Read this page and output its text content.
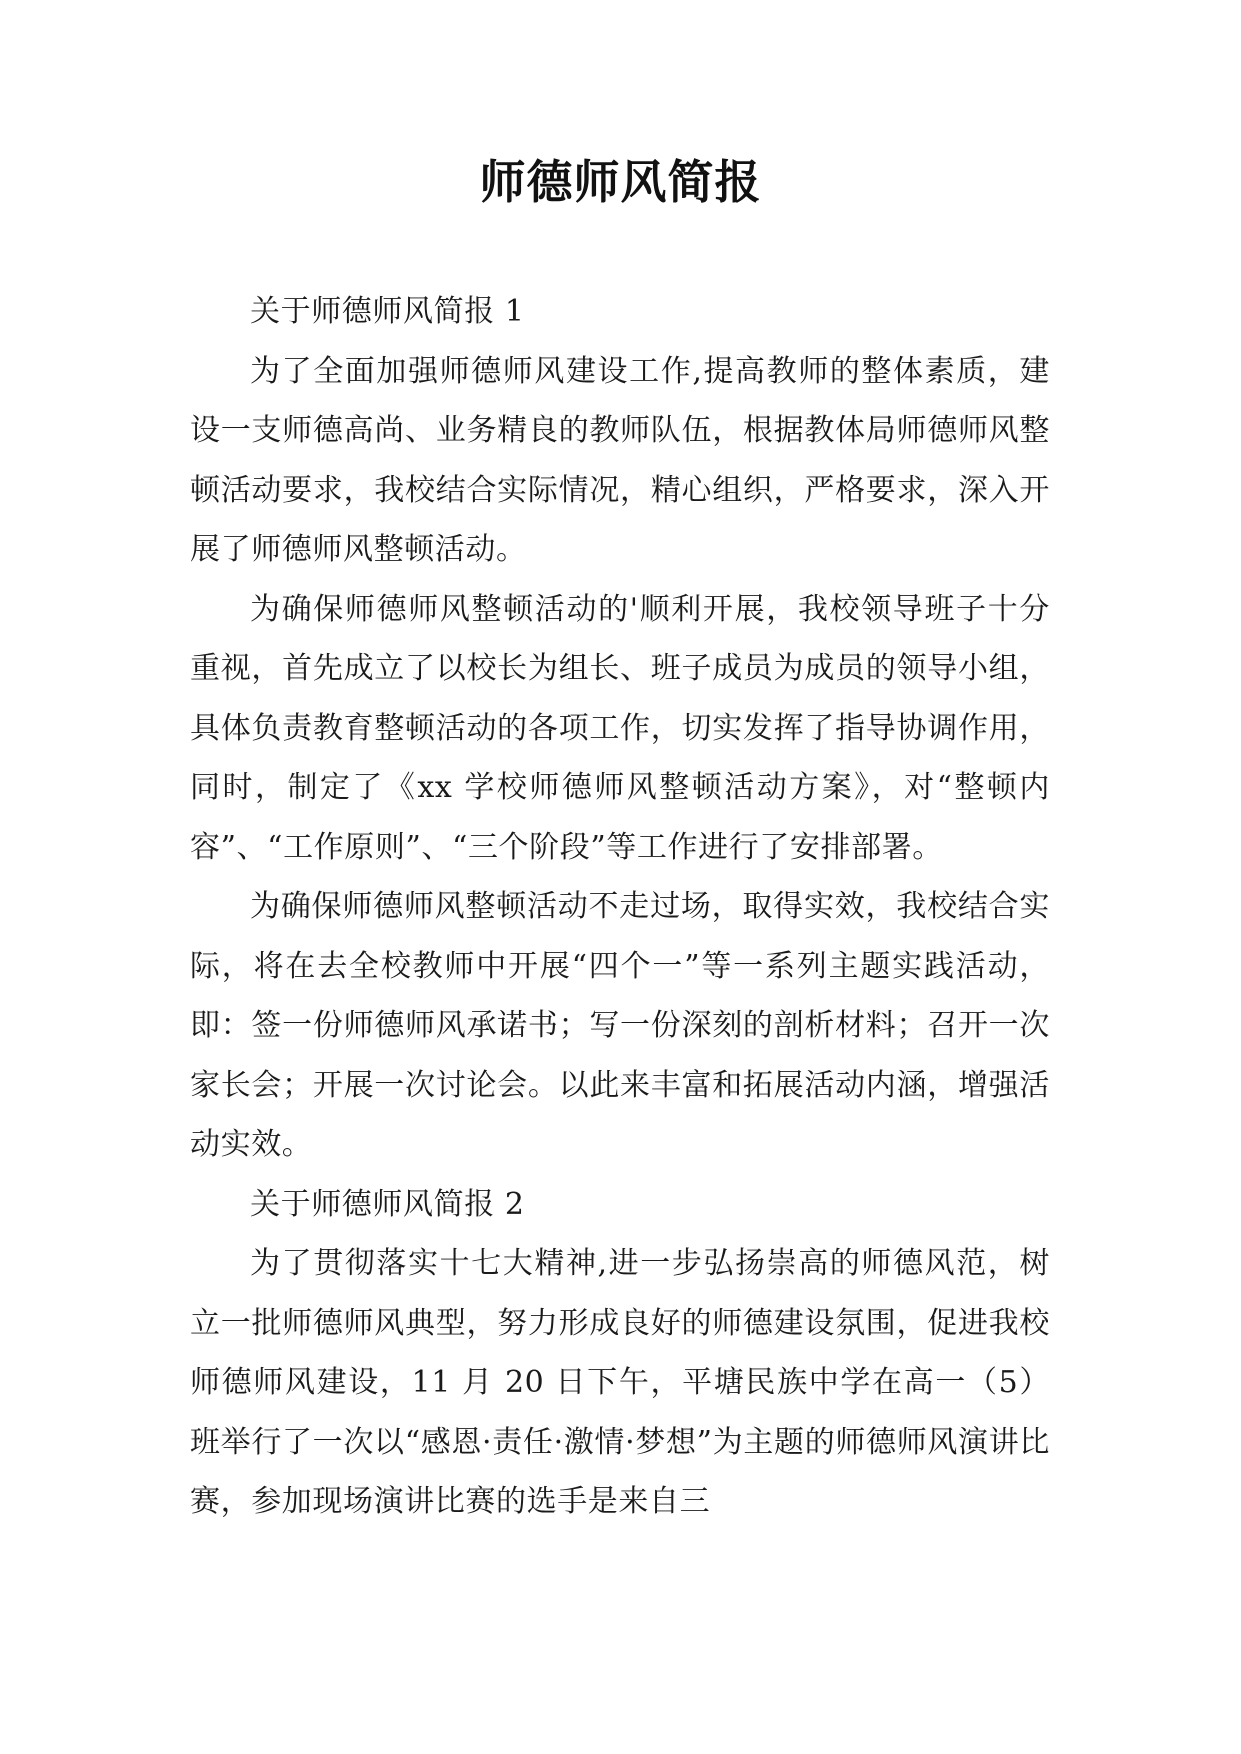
师德师风简报

关于师德师风简报 1

为了全面加强师德师风建设工作,提高教师的整体素质，建设一支师德高尚、业务精良的教师队伍，根据教体局师德师风整顿活动要求，我校结合实际情况，精心组织，严格要求，深入开展了师德师风整顿活动。

为确保师德师风整顿活动的'顺利开展，我校领导班子十分重视，首先成立了以校长为组长、班子成员为成员的领导小组，具体负责教育整顿活动的各项工作，切实发挥了指导协调作用，同时，制定了《xx 学校师德师风整顿活动方案》，对“整顿内容”、“工作原则”、“三个阶段”等工作进行了安排部署。

为确保师德师风整顿活动不走过场，取得实效，我校结合实际，将在去全校教师中开展“四个一”等一系列主题实践活动，即：签一份师德师风承诺书；写一份深刻的剖析材料；召开一次家长会；开展一次讨论会。以此来丰富和拓展活动内涵，增强活动实效。

关于师德师风简报 2

为了贯彻落实十七大精神,进一步弘扬崇高的师德风范，树立一批师德师风典型，努力形成良好的师德建设氛围，促进我校师德师风建设，11 月 20 日下午，平塘民族中学在高一（5）班举行了一次以“感恩·责任·激情·梦想”为主题的师德师风演讲比赛，参加现场演讲比赛的选手是来自三
